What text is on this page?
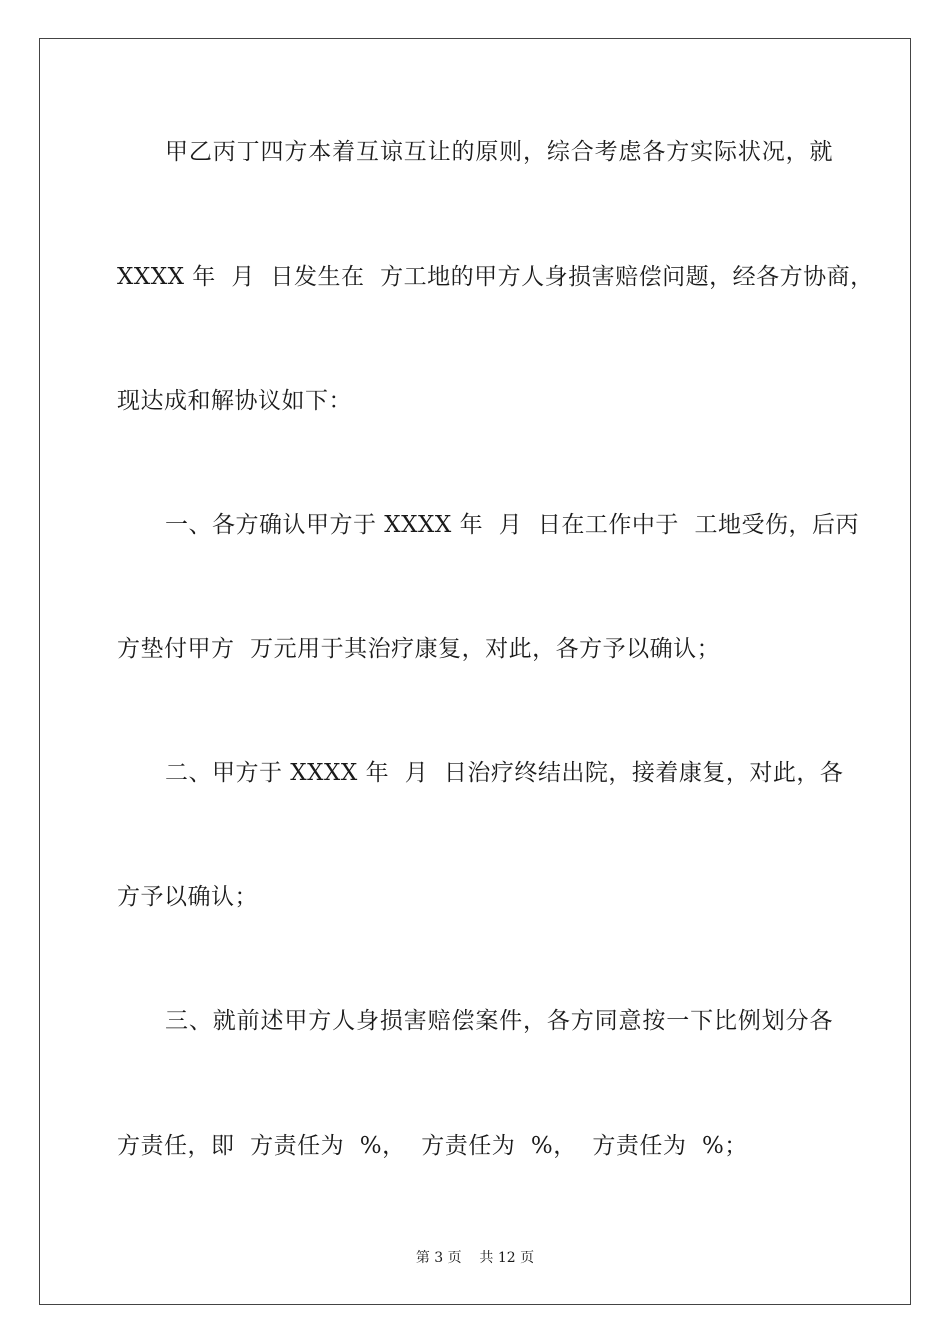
甲乙丙丁四方本着互谅互让的原则，综合考虑各方实际状况，就
XXXX 年  月  日发生在  方工地的甲方人身损害赔偿问题，经各方协商，
现达成和解协议如下：
一、各方确认甲方于 XXXX 年  月  日在工作中于  工地受伤，后丙
方垫付甲方  万元用于其治疗康复，对此，各方予以确认；
二、甲方于 XXXX 年  月  日治疗终结出院，接着康复，对此，各
方予以确认；
三、就前述甲方人身损害赔偿案件，各方同意按一下比例划分各
方责任，即  方责任为  %，  方责任为  %，  方责任为  %；
第 3 页    共 12 页
